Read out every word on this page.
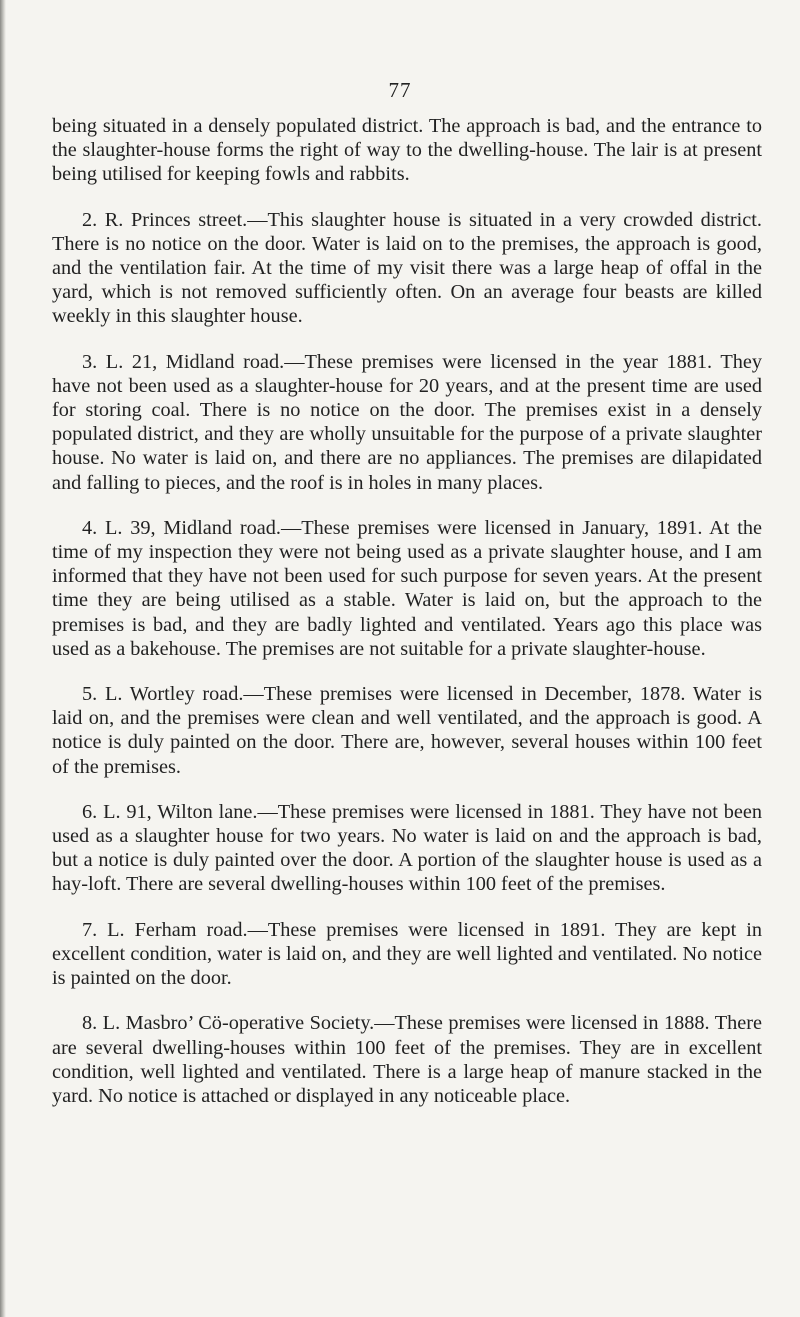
77

being situated in a densely populated district. The approach is bad, and the entrance to the slaughter-house forms the right of way to the dwelling-house. The lair is at present being utilised for keeping fowls and rabbits.

2. R. Princes street.—This slaughter house is situated in a very crowded district. There is no notice on the door. Water is laid on to the premises, the approach is good, and the ventilation fair. At the time of my visit there was a large heap of offal in the yard, which is not removed sufficiently often. On an average four beasts are killed weekly in this slaughter house.

3. L. 21, Midland road.—These premises were licensed in the year 1881. They have not been used as a slaughter-house for 20 years, and at the present time are used for storing coal. There is no notice on the door. The premises exist in a densely populated district, and they are wholly unsuitable for the purpose of a private slaughter house. No water is laid on, and there are no appliances. The premises are dilapidated and falling to pieces, and the roof is in holes in many places.

4. L. 39, Midland road.—These premises were licensed in January, 1891. At the time of my inspection they were not being used as a private slaughter house, and I am informed that they have not been used for such purpose for seven years. At the present time they are being utilised as a stable. Water is laid on, but the approach to the premises is bad, and they are badly lighted and ventilated. Years ago this place was used as a bakehouse. The premises are not suitable for a private slaughter-house.

5. L. Wortley road.—These premises were licensed in December, 1878. Water is laid on, and the premises were clean and well ventilated, and the approach is good. A notice is duly painted on the door. There are, however, several houses within 100 feet of the premises.

6. L. 91, Wilton lane.—These premises were licensed in 1881. They have not been used as a slaughter house for two years. No water is laid on and the approach is bad, but a notice is duly painted over the door. A portion of the slaughter house is used as a hay-loft. There are several dwelling-houses within 100 feet of the premises.

7. L. Ferham road.—These premises were licensed in 1891. They are kept in excellent condition, water is laid on, and they are well lighted and ventilated. No notice is painted on the door.

8. L. Masbro’ Cö-operative Society.—These premises were licensed in 1888. There are several dwelling-houses within 100 feet of the premises. They are in excellent condition, well lighted and ventilated. There is a large heap of manure stacked in the yard. No notice is attached or displayed in any noticeable place.
